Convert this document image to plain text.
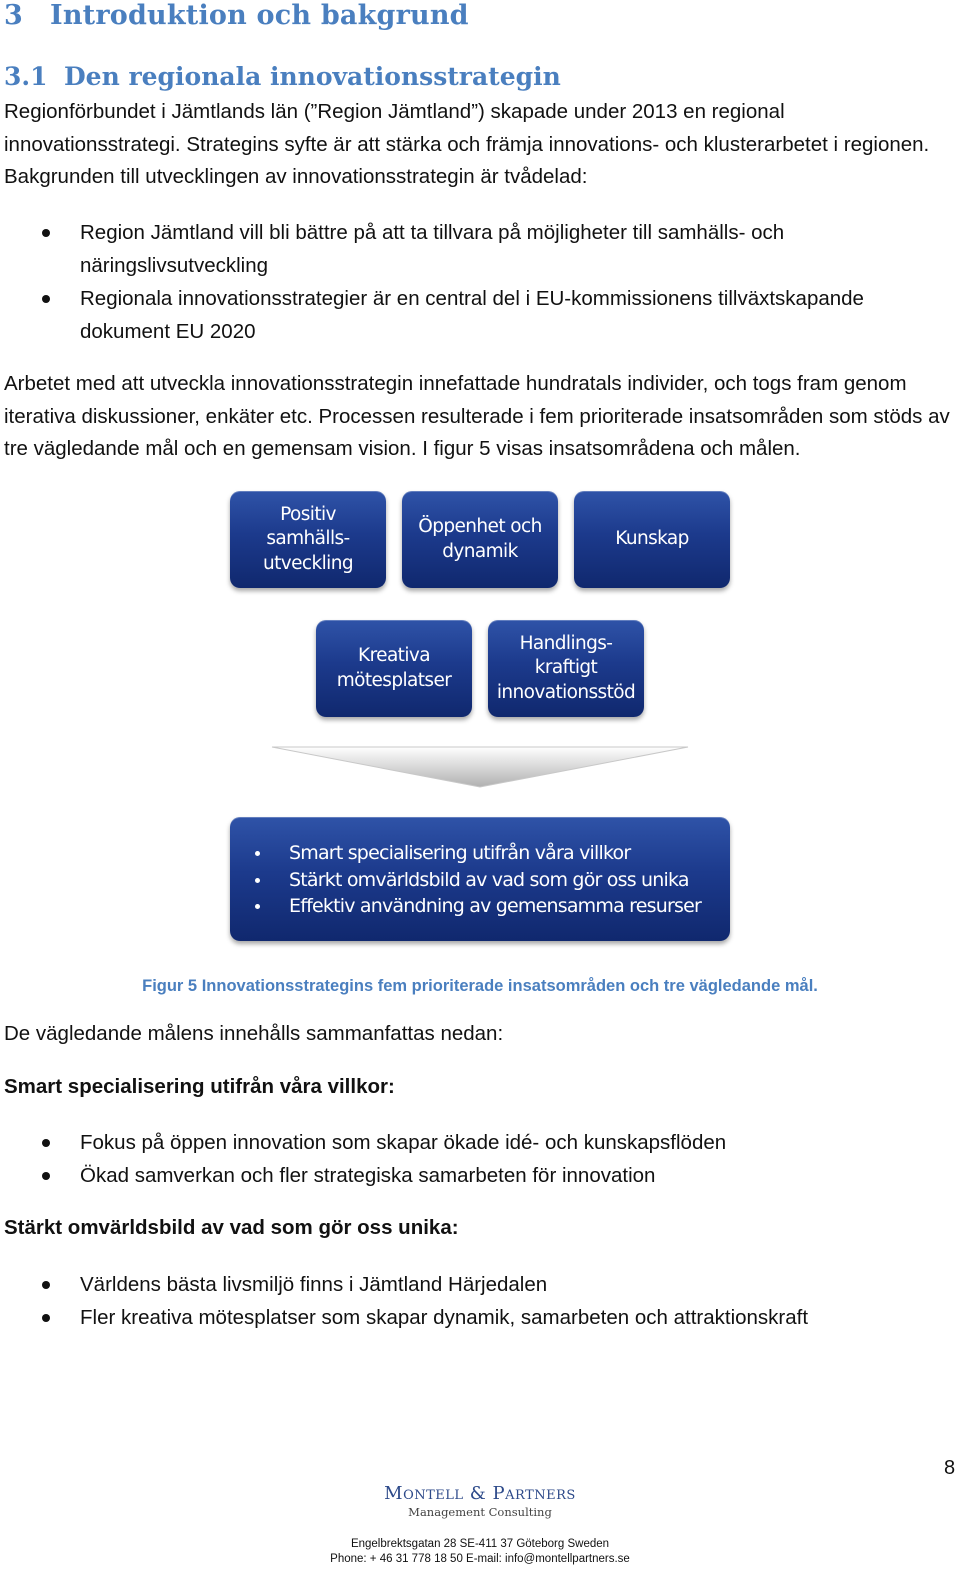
3 Introduktion och bakgrund
3.1 Den regionala innovationsstrategin

Regionförbundet i Jämtlands län (”Region Jämtland”) skapade under 2013 en regional innovationsstrategi. Strategins syfte är att stärka och främja innovations- och klusterarbetet i regionen. Bakgrunden till utvecklingen av innovationsstrategin är tvådelad:

Region Jämtland vill bli bättre på att ta tillvara på möjligheter till samhälls- och näringslivsutveckling
Regionala innovationsstrategier är en central del i EU-kommissionens tillväxtskapande dokument EU 2020

Arbetet med att utveckla innovationsstrategin innefattade hundratals individer, och togs fram genom iterativa diskussioner, enkäter etc. Processen resulterade i fem prioriterade insatsområden som stöds av tre vägledande mål och en gemensam vision. I figur 5 visas insatsområdena och målen.

Positiv samhälls-utveckling
Öppenhet och dynamik
Kunskap
Kreativa mötesplatser
Handlings-kraftigt innovationsstöd
Smart specialisering utifrån våra villkor
Stärkt omvärldsbild av vad som gör oss unika
Effektiv användning av gemensamma resurser
Figur 5 Innovationsstrategins fem prioriterade insatsområden och tre vägledande mål.

De vägledande målens innehålls sammanfattas nedan:

Smart specialisering utifrån våra villkor:
Fokus på öppen innovation som skapar ökade idé- och kunskapsflöden
Ökad samverkan och fler strategiska samarbeten för innovation
Stärkt omvärldsbild av vad som gör oss unika:
Världens bästa livsmiljö finns i Jämtland Härjedalen
Fler kreativa mötesplatser som skapar dynamik, samarbeten och attraktionskraft
8
Montell & Partners
Management Consulting
Engelbrektsgatan 28 SE-411 37 Göteborg Sweden
Phone: + 46 31 778 18 50 E-mail: info@montellpartners.se
